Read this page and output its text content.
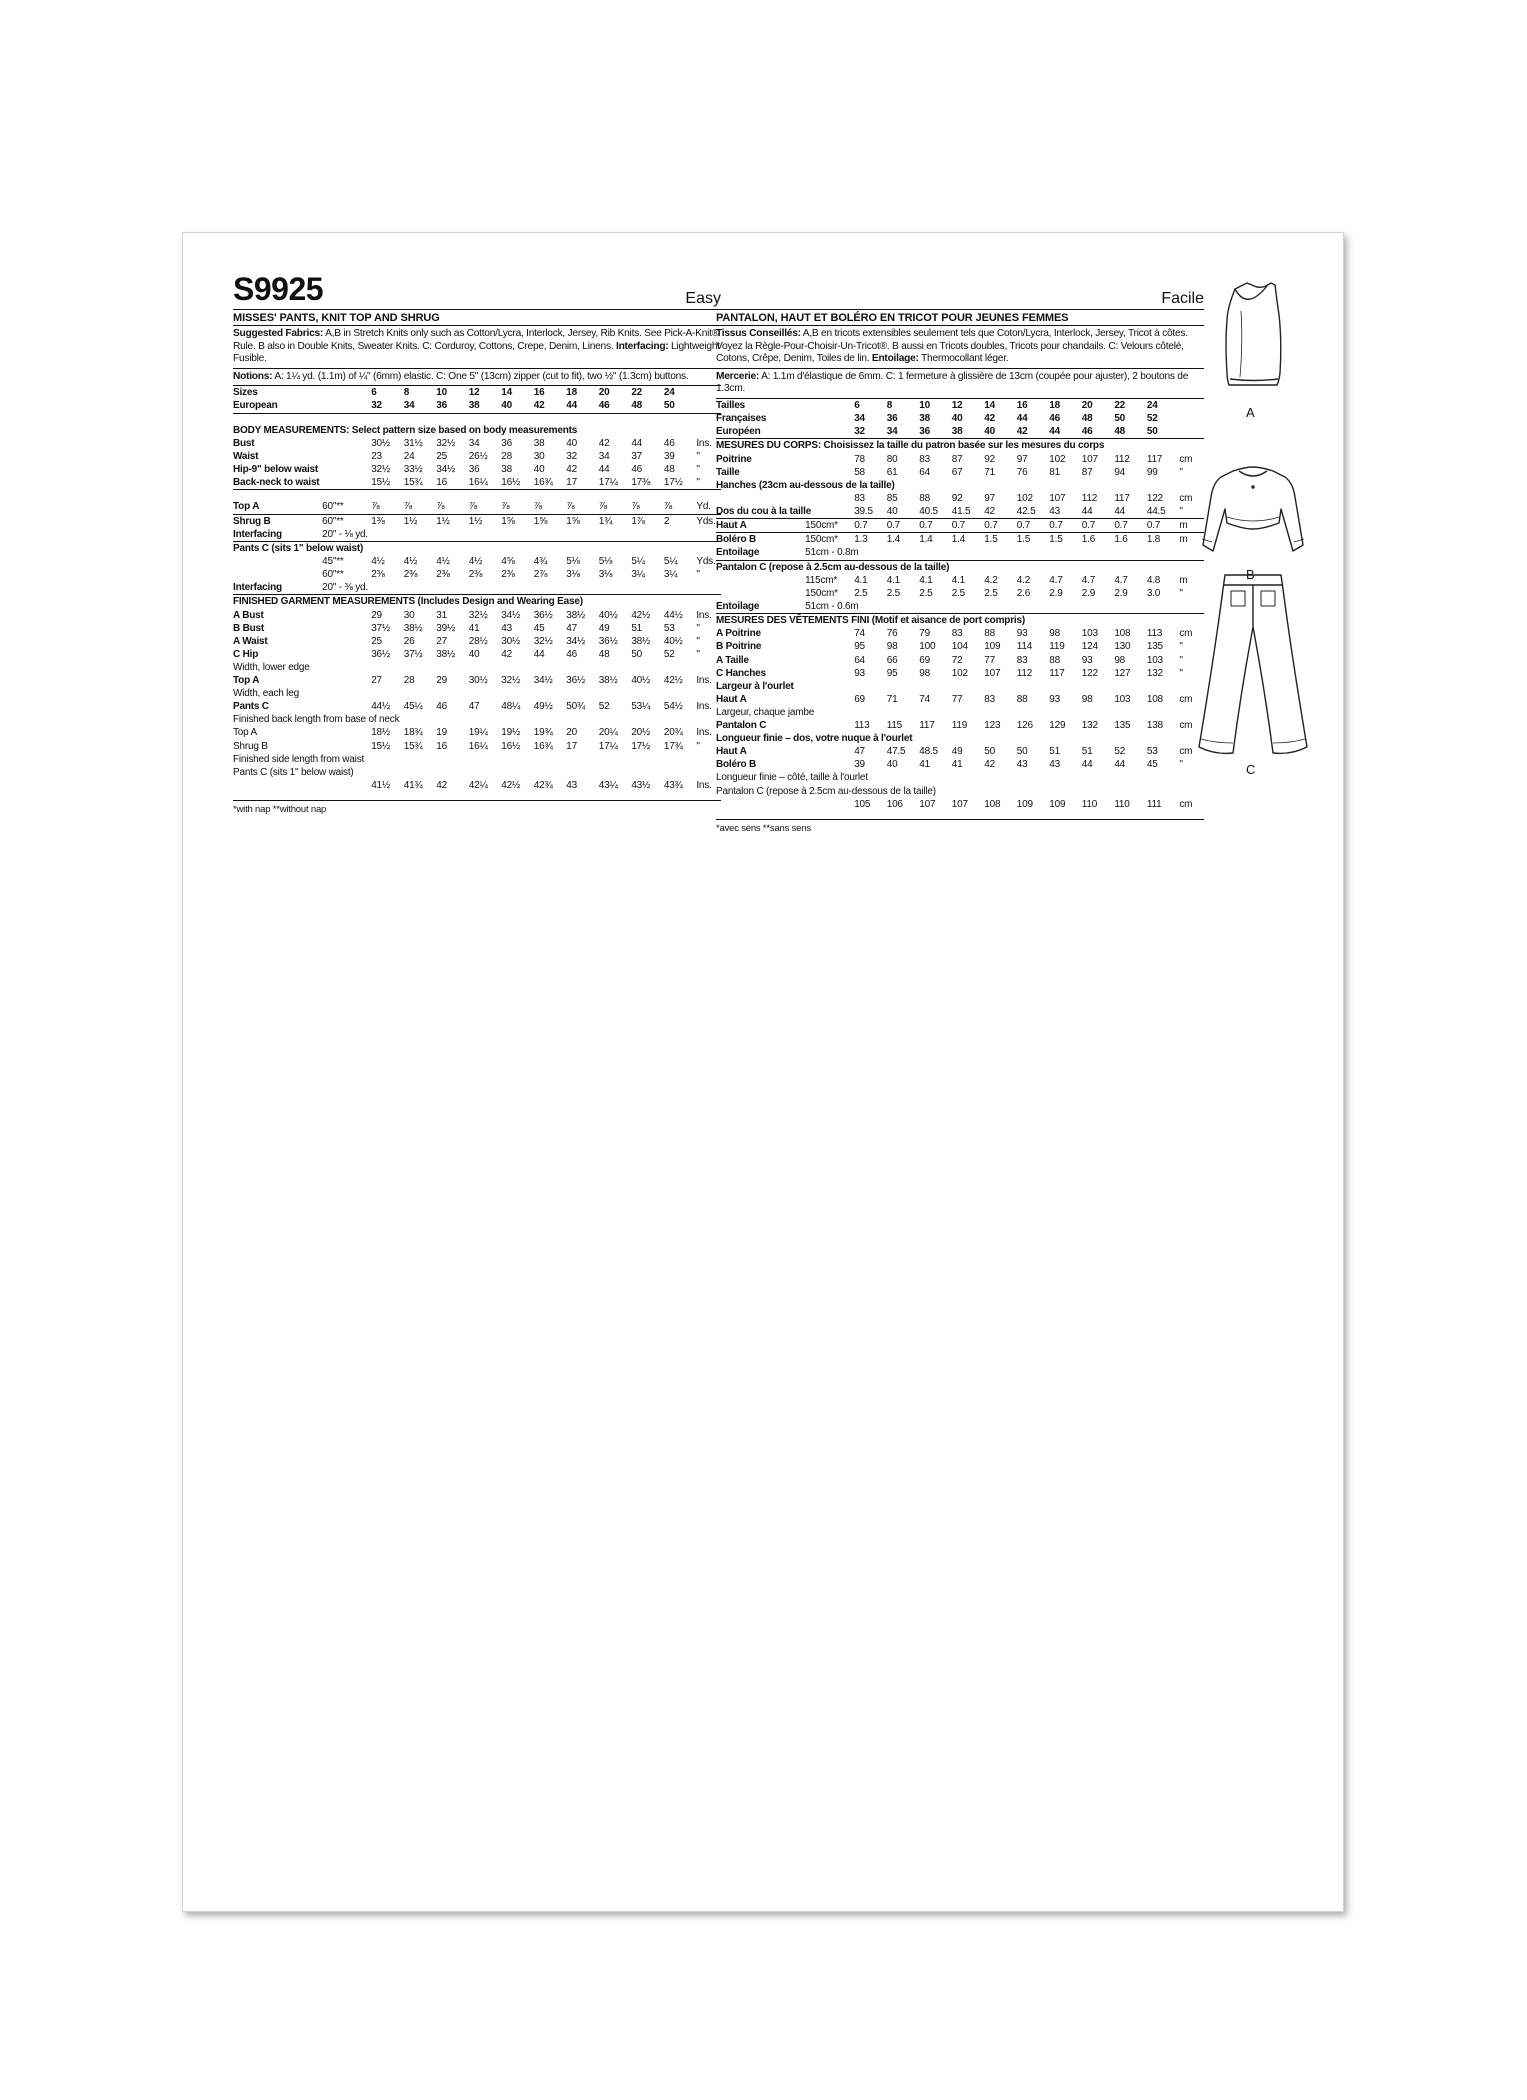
S9925	Easy
MISSES' PANTS, KNIT TOP AND SHRUG
Suggested Fabrics: A,B in Stretch Knits only such as Cotton/Lycra, Interlock, Jersey, Rib Knits. See Pick-A-Knit® Rule. B also in Double Knits, Sweater Knits. C: Corduroy, Cottons, Crepe, Denim, Linens. Interfacing: Lightweight Fusible.
Notions: A: 1¼ yd. (1.1m) of ¼" (6mm) elastic. C: One 5" (13cm) zipper (cut to fit), two ½" (1.3cm) buttons.
Sizes		6	8	10	12	14	16	18	20	22	24	
European		32	34	36	38	40	42	44	46	48	50	

BODY MEASUREMENTS: Select pattern size based on body measurements
Bust		30½	31½	32½	34	36	38	40	42	44	46	Ins.
Waist		23	24	25	26½	28	30	32	34	37	39	"
Hip-9" below waist		32½	33½	34½	36	38	40	42	44	46	48	"
Back-neck to waist		15½	15¾	16	16¼	16½	16¾	17	17¼	17⅜	17½	"

Top A	60"**	⅞	⅞	⅞	⅞	⅞	⅞	⅞	⅞	⅞	⅞	Yd.
Shrug B	60"**	1⅜	1½	1½	1½	1⅝	1⅝	1⅝	1¾	1⅞	2	Yds.
Interfacing	20" - ⅛ yd.											
Pants C (sits 1" below waist)												
	45"**	4½	4½	4½	4½	4⅝	4¾	5⅛	5⅛	5¼	5¼	Yds.
	60"**	2⅜	2⅜	2⅜	2⅜	2⅜	2⅞	3⅛	3⅛	3¼	3¼	"
Interfacing	20" - ⅜ yd.											
FINISHED GARMENT MEASUREMENTS (Includes Design and Wearing Ease)
A Bust		29	30	31	32½	34½	36½	38½	40½	42½	44½	Ins.
B Bust		37½	38½	39½	41	43	45	47	49	51	53	"
A Waist		25	26	27	28½	30½	32½	34½	36½	38½	40½	"
C Hip		36½	37½	38½	40	42	44	46	48	50	52	"
Width, lower edge												
Top A		27	28	29	30½	32½	34½	36½	38½	40½	42½	Ins.
Width, each leg												
Pants C		44½	45¼	46	47	48¼	49½	50¾	52	53¼	54½	Ins.
Finished back length from base of neck												
Top A		18½	18¾	19	19¼	19½	19¾	20	20¼	20½	20¾	Ins.
Shrug B		15½	15¾	16	16¼	16½	16¾	17	17¼	17½	17¾	"
Finished side length from waist												
Pants C (sits 1" below waist)												
		41½	41¾	42	42¼	42½	42¾	43	43¼	43½	43¾	Ins.
*with nap **without nap
Facile
PANTALON, HAUT ET BOLÉRO EN TRICOT POUR JEUNES FEMMES
Tissus Conseillés: A,B en tricots extensibles seulement tels que Coton/Lycra, Interlock, Jersey, Tricot à côtes. Voyez la Règle-Pour-Choisir-Un-Tricot®. B aussi en Tricots doubles, Tricots pour chandails. C: Velours côtelé, Cotons, Crêpe, Denim, Toiles de lin. Entoilage: Thermocollant léger.
Mercerie: A: 1.1m d'élastique de 6mm. C: 1 fermeture à glissière de 13cm (coupée pour ajuster), 2 boutons de 1.3cm.
Tailles		6	8	10	12	14	16	18	20	22	24	
Françaises		34	36	38	40	42	44	46	48	50	52	
Européen		32	34	36	38	40	42	44	46	48	50	
MESURES DU CORPS: Choisissez la taille du patron basée sur les mesures du corps
Poitrine		78	80	83	87	92	97	102	107	112	117	cm
Taille		58	61	64	67	71	76	81	87	94	99	"
Hanches (23cm au-dessous de la taille)												
		83	85	88	92	97	102	107	112	117	122	cm
Dos du cou à la taille		39.5	40	40.5	41.5	42	42.5	43	44	44	44.5	"
Haut A	150cm*	0.7	0.7	0.7	0.7	0.7	0.7	0.7	0.7	0.7	0.7	m
Boléro B	150cm*	1.3	1.4	1.4	1.4	1.5	1.5	1.5	1.6	1.6	1.8	m
Entoilage	51cm - 0.8m											
Pantalon C (repose à 2.5cm au-dessous de la taille)												
	115cm*	4.1	4.1	4.1	4.1	4.2	4.2	4.7	4.7	4.7	4.8	m
	150cm*	2.5	2.5	2.5	2.5	2.5	2.6	2.9	2.9	2.9	3.0	"
Entoilage	51cm - 0.6m											
MESURES DES VÊTEMENTS FINI (Motif et aisance de port compris)
A Poitrine		74	76	79	83	88	93	98	103	108	113	cm
B Poitrine		95	98	100	104	109	114	119	124	130	135	"
A Taille		64	66	69	72	77	83	88	93	98	103	"
C Hanches		93	95	98	102	107	112	117	122	127	132	"
Largeur à l'ourlet												
Haut A		69	71	74	77	83	88	93	98	103	108	cm
Largeur, chaque jambe												
Pantalon C		113	115	117	119	123	126	129	132	135	138	cm
Longueur finie – dos, votre nuque à l'ourlet												
Haut A		47	47.5	48.5	49	50	50	51	51	52	53	cm
Boléro B		39	40	41	41	42	43	43	44	44	45	"
Longueur finie – côté, taille à l'ourlet												
Pantalon C (repose à 2.5cm au-dessous de la taille)												
		105	106	107	107	108	109	109	110	110	111	cm
*avec sens **sans sens
A
B
C
